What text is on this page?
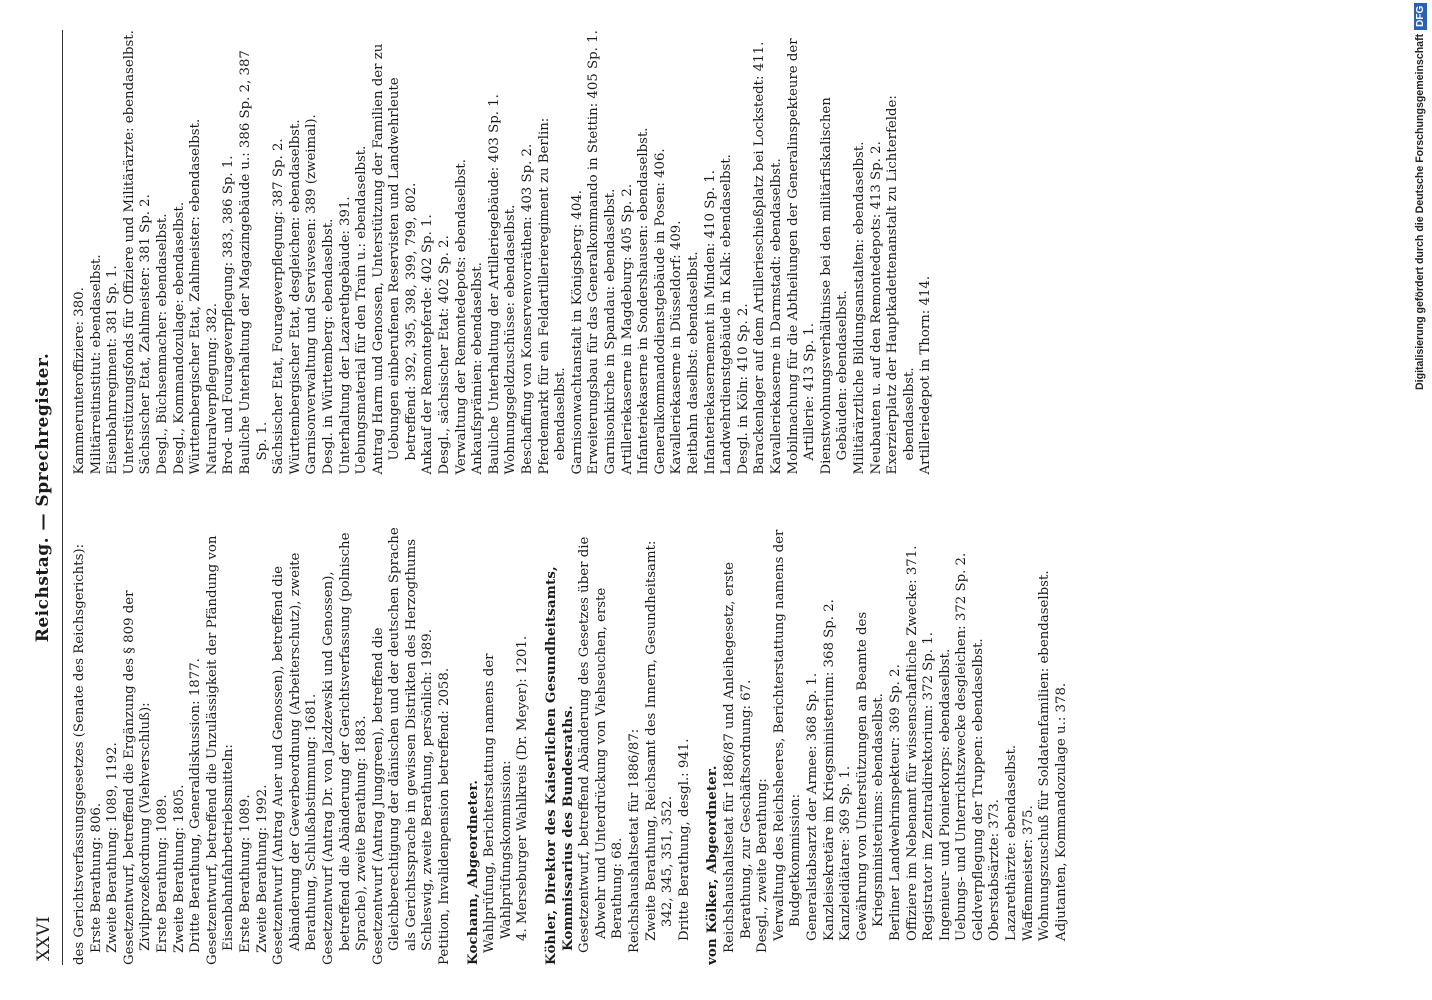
XXVI
Reichstag. — Sprechregister.

des Gerichtsverfassungsgesetzes (Senate des Reichsgerichts): Erste Berathung: 806. Zweite Berathung: 1089, 1192. Gesetzentwurf, betreffend die Ergänzung des § 809 der Zivilprozeßordnung (Viehverschluß): Erste Berathung: 1089. Zweite Berathung: 1805. Dritte Berathung, Generaldiskussion: 1877. Gesetzentwurf, betreffend die Unzulässigkeit der Pfändung von Eisenbahnfahrbetriebsmitteln: Erste Berathung: 1089. Zweite Berathung: 1992. Gesetzentwurf (Antrag Auer und Genossen), betreffend die Abänderung der Gewerbeordnung (Arbeiterschutz), zweite Berathung, Schlußabstimmung: 1681. Gesetzentwurf (Antrag Dr. von Jazdzewski und Genossen), betreffend die Abänderung der Gerichtsverfassung (polnische Sprache), zweite Berathung: 1883. Gesetzentwurf (Antrag Junggreen), betreffend die Gleichberechtigung der dänischen und der deutschen Sprache als Gerichtssprache in gewissen Distrikten des Herzogthums Schleswig, zweite Berathung, persönlich: 1989. Petition, Invalidenpension betreffend: 2058. Kochann, Abgeordneter. Wahlprüfung, Berichterstattung namens der Wahlprüfungskommission: 4. Merseburger Wahlkreis (Dr. Meyer): 1201. Köhler, Direktor des Kaiserlichen Gesundheitsamts, Kommissarius des Bundesraths. Gesetzentwurf, betreffend Abänderung des Gesetzes über die Abwehr und Unterdrückung von Viehseuchen, erste Berathung: 68. Reichshaushaltsetat für 1886/87: Zweite Berathung, Reichsamt des Innern, Gesundheitsamt: 342, 345, 351, 352. Dritte Berathung, desgl.: 941. von Kölker, Abgeordneter. Reichshaushaltsetat für 1886/87 und Anleihegesetz, erste Berathung, zur Geschäftsordnung: 67. Desgl., zweite Berathung: Verwaltung des Reichsheeres, Berichterstattung namens der Budgetkommission: Generalstabsarzt der Armee: 368 Sp. 1. Kanzleisekretäre im Kriegsministerium: 368 Sp. 2. Kanzleidiätare: 369 Sp. 1. Gewährung von Unterstützungen an Beamte des Kriegsministeriums: ebendaselbst. Berliner Landwehrinspekteur: 369 Sp. 2. Offiziere im Nebenamt für wissenschaftliche Zwecke: 371. Registrator im Zentraldirektorium: 372 Sp. 1. Ingenieur- und Pionierkorps: ebendaselbst. Uebungs- und Unterrichtszwecke desgleichen: 372 Sp. 2. Geldverpflegung der Truppen: ebendaselbst. Oberstabsärzte: 373. Lazarethärzte: ebendaselbst. Waffenmeister: 375. Wohnungszuschuß für Soldatenfamilien: ebendaselbst. Adjutanten, Kommandozulage u.: 378.

Kammerunteroffiziere: 380. Militärreitinstitut: ebendaselbst. Eisenbahnregiment: 381 Sp. 1. Unterstützungsfonds für Offiziere und Militärärzte: ebendaselbst. Sächsischer Etat, Zahlmeister: 381 Sp. 2. Desgl., Büchsenmacher: ebendaselbst. Desgl., Kommandozulage: ebendaselbst. Württembergischer Etat, Zahlmeister: ebendaselbst. Naturalverpflegung: 382. Brod- und Fourageverpflegung: 383, 386 Sp. 1. Bauliche Unterhaltung der Magazingebäude u.: 386 Sp. 2, 387 Sp. 1. Sächsischer Etat, Fourageverpflegung: 387 Sp. 2. Württembergischer Etat, desgleichen: ebendaselbst. Garnisonverwaltung und Servisvesen: 389 (zweimal). Desgl. in Württemberg: ebendaselbst. Unterhaltung der Lazarethgebäude: 391. Uebungsmaterial für den Train u.: ebendaselbst. Antrag Harm und Genossen, Unterstützung der Familien der zu Uebungen einberufenen Reservisten und Landwehrleute betreffend: 392, 395, 398, 399, 799, 802. Ankauf der Remontepferde: 402 Sp. 1. Desgl., sächsischer Etat: 402 Sp. 2. Verwaltung der Remontedepots: ebendaselbst. Ankaufsprämien: ebendaselbst. Bauliche Unterhaltung der Artilleriegebäude: 403 Sp. 1. Wohnungsgeldzuschüsse: ebendaselbst. Beschaffung von Konservenvorräthen: 403 Sp. 2. Pferdemarkt für ein Feldartillerieregiment zu Berlin: ebendaselbst. Garnisonwachtanstalt in Königsberg: 404. Erweiterungsbau für das Generalkommando in Stettin: 405 Sp. 1. Garnisonkirche in Spandau: ebendaselbst. Artilleriekaserne in Magdeburg: 405 Sp. 2. Infanteriekaserne in Sondershausen: ebendaselbst. Generalkommandodienstgebäude in Posen: 406. Kavalleriekaserne in Düsseldorf: 409. Reitbahn daselbst: ebendaselbst. Infanteriekasernement in Minden: 410 Sp. 1. Landwehrdienstgebäude in Kalk: ebendaselbst. Desgl. in Köln: 410 Sp. 2. Barackenlager auf dem Artillerieschießplatz bei Lockstedt: 411. Kavalleriekaserne in Darmstadt: ebendaselbst. Mobilmachung für die Abtheilungen der Generalinspekteure der Artillerie: 413 Sp. 1. Dienstwohnungsverhältnisse bei den militärfiskalischen Gebäuden: ebendaselbst. Militärärztliche Bildungsanstalten: ebendaselbst. Neubauten u. auf den Remontedepots: 413 Sp. 2. Exerzierplatz der Hauptkadettenanstalt zu Lichterfelde: ebendaselbst. Artilleriedepot in Thorn: 414.	Digitalisierung gefördert durch die Deutsche ForschungsgemeinschaftDFG
